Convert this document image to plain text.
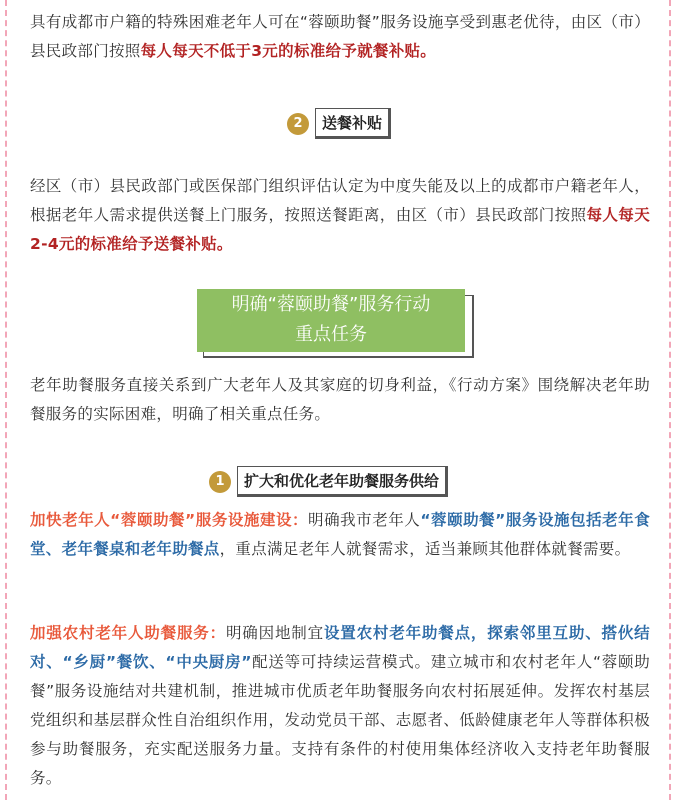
具有成都市户籍的特殊困难老年人可在“蓉颐助餐”服务设施享受到惠老优待，由区（市）县民政部门按照每人每天不低于3元的标准给予就餐补贴。

2	送餐补贴

经区（市）县民政部门或医保部门组织评估认定为中度失能及以上的成都市户籍老年人，根据老年人需求提供送餐上门服务，按照送餐距离，由区（市）县民政部门按照每人每天2-4元的标准给予送餐补贴。

明确“蓉颐助餐”服务行动
重点任务

老年助餐服务直接关系到广大老年人及其家庭的切身利益，《行动方案》围绕解决老年助餐服务的实际困难，明确了相关重点任务。

1	扩大和优化老年助餐服务供给

加快老年人“蓉颐助餐”服务设施建设：明确我市老年人“蓉颐助餐”服务设施包括老年食堂、老年餐桌和老年助餐点，重点满足老年人就餐需求，适当兼顾其他群体就餐需要。

加强农村老年人助餐服务：明确因地制宜设置农村老年助餐点，探索邻里互助、搭伙结对、“乡厨”餐饮、“中央厨房”配送等可持续运营模式。建立城市和农村老年人“蓉颐助餐”服务设施结对共建机制，推进城市优质老年助餐服务向农村拓展延伸。发挥农村基层党组织和基层群众性自治组织作用，发动党员干部、志愿者、低龄健康老年人等群体积极参与助餐服务，充实配送服务力量。支持有条件的村使用集体经济收入支持老年助餐服务。
